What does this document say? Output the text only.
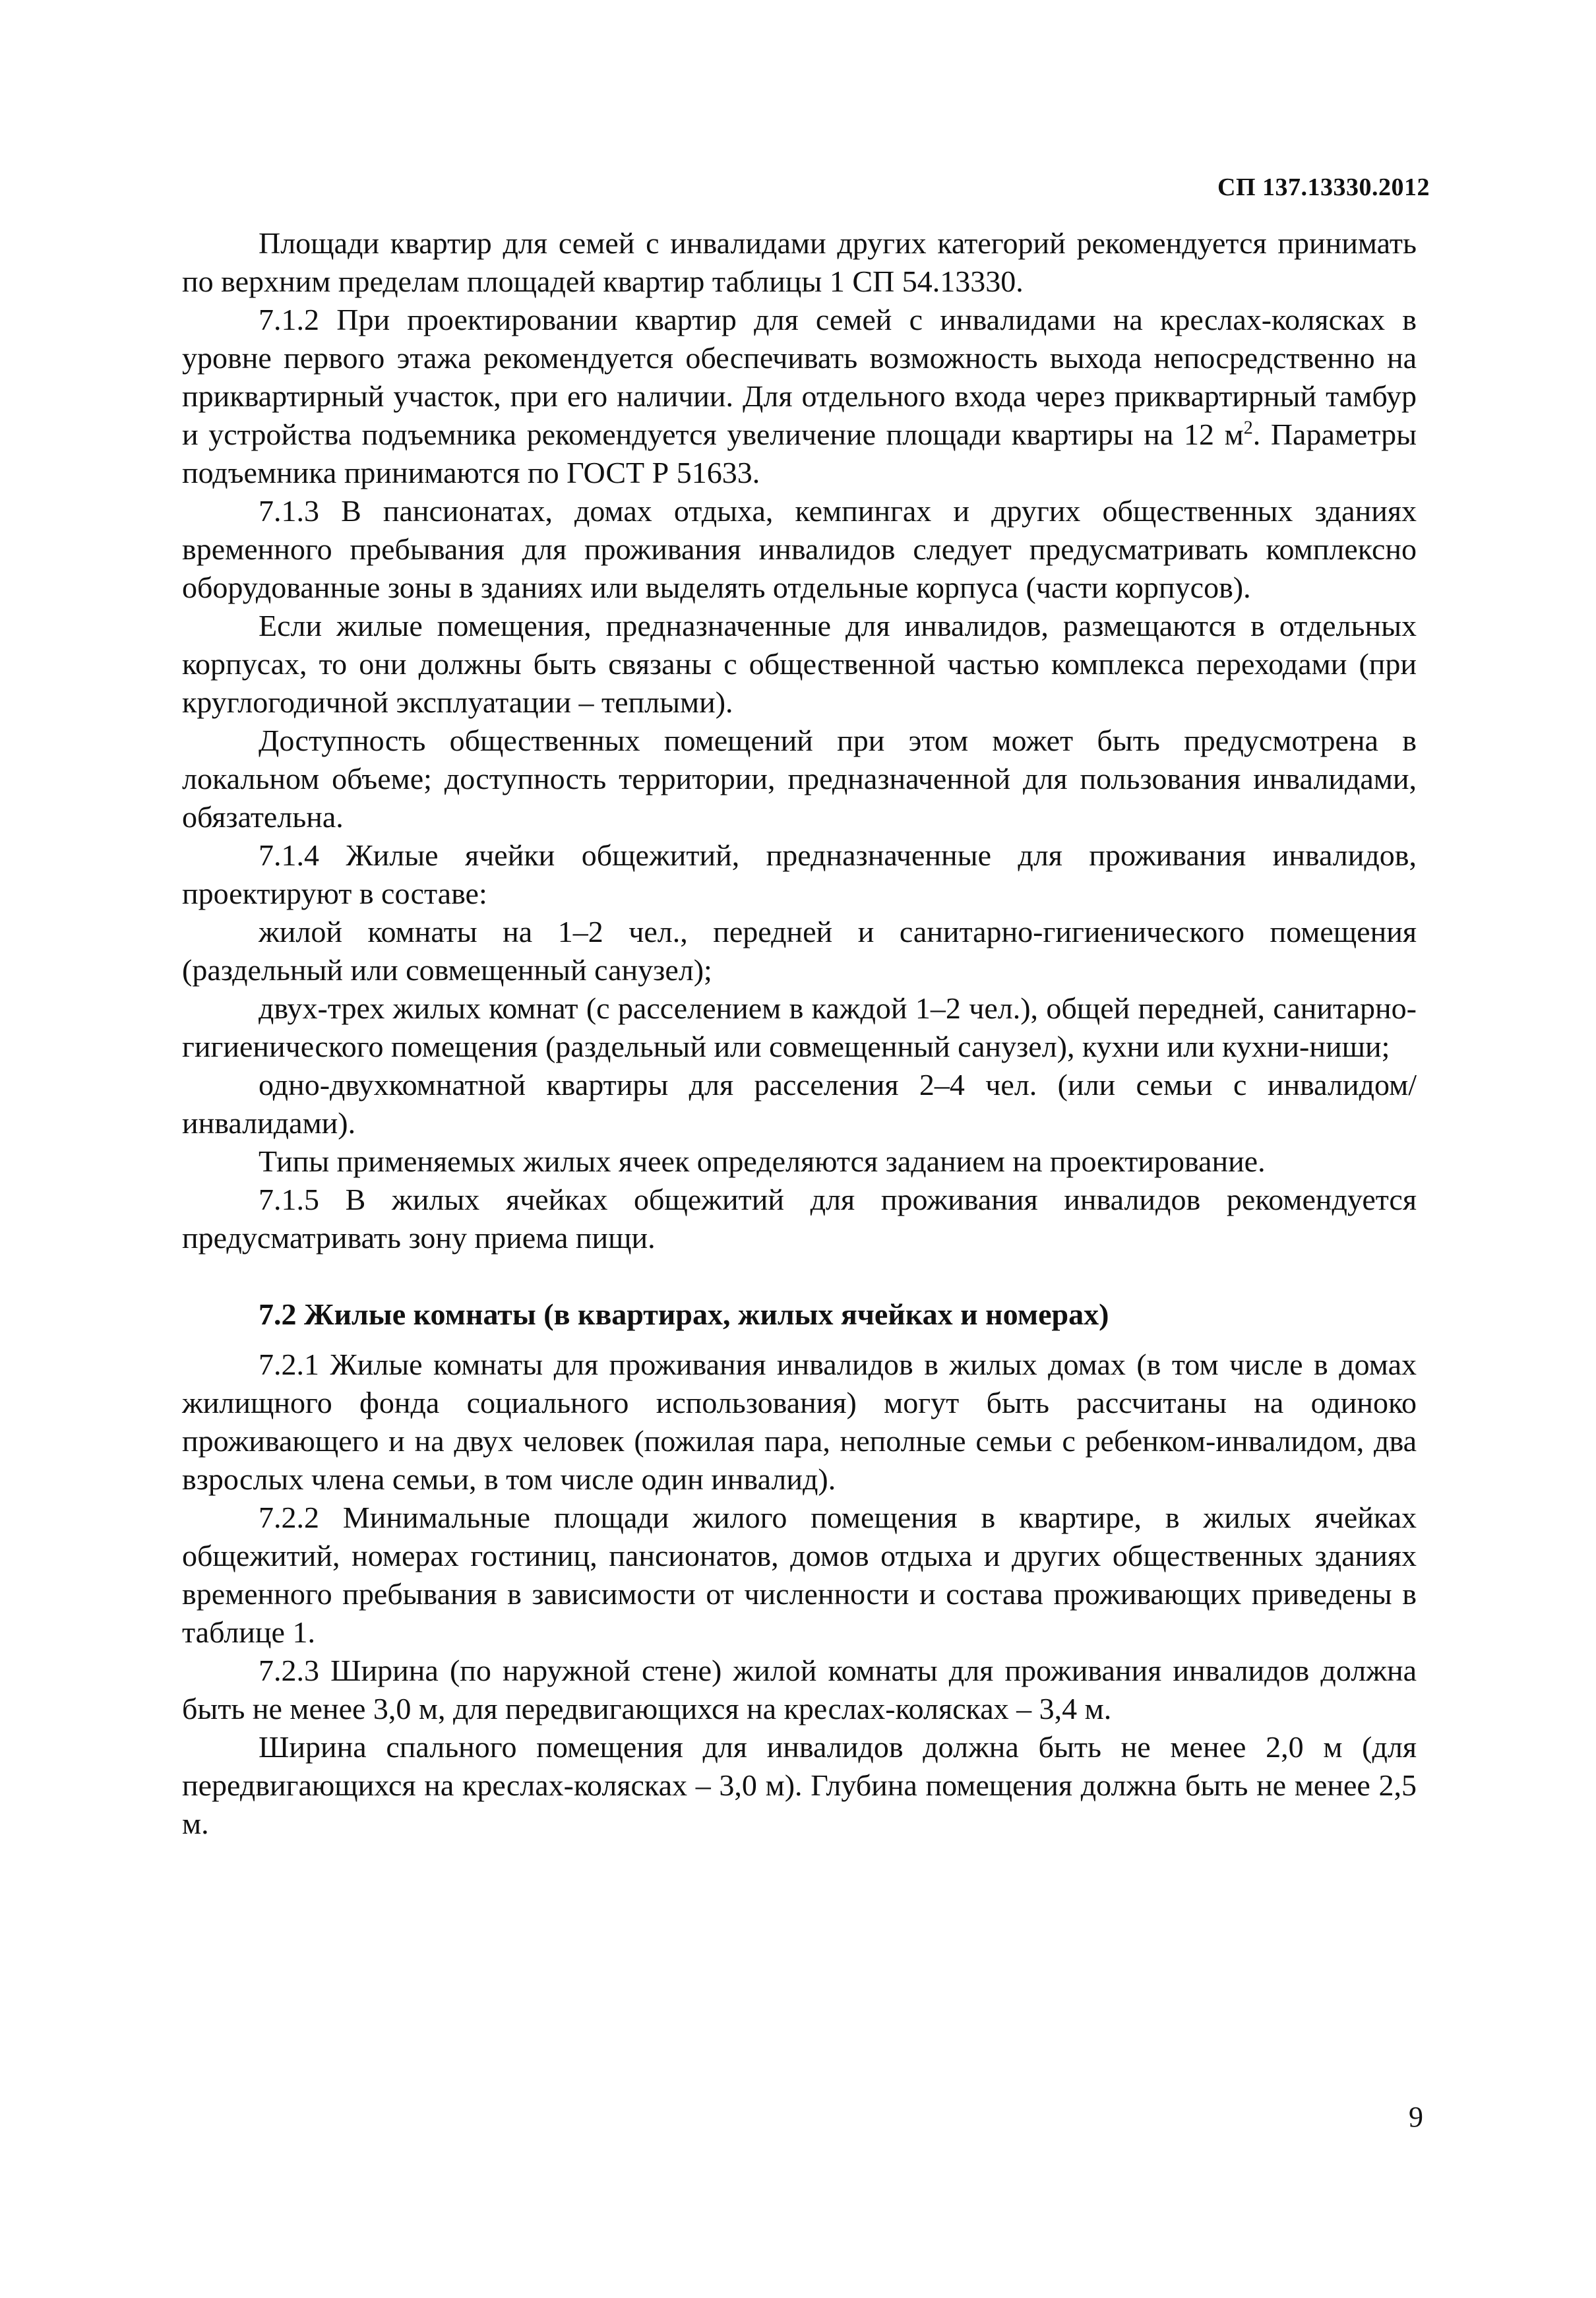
СП 137.13330.2012

Площади квартир для семей с инвалидами других категорий рекомендуется принимать по верхним пределам площадей квартир таблицы 1 СП 54.13330.

7.1.2 При проектировании квартир для семей с инвалидами на креслах-колясках в уровне первого этажа рекомендуется обеспечивать возможность выхода непосредственно на приквартирный участок, при его наличии. Для отдельного входа через приквартирный тамбур и устройства подъемника рекомендуется увеличение площади квартиры на 12 $м^2$. Параметры подъемника принимаются по ГОСТ Р 51633.

7.1.3 В пансионатах, домах отдыха, кемпингах и других общественных зданиях временного пребывания для проживания инвалидов следует предусматривать комплексно оборудованные зоны в зданиях или выделять отдельные корпуса (части корпусов).

Если жилые помещения, предназначенные для инвалидов, размещаются в отдельных корпусах, то они должны быть связаны с общественной частью комплекса переходами (при круглогодичной эксплуатации – теплыми).

Доступность общественных помещений при этом может быть предусмотрена в локальном объеме; доступность территории, предназначенной для пользования инвалидами, обязательна.

7.1.4 Жилые ячейки общежитий, предназначенные для проживания инвалидов, проектируют в составе:

жилой комнаты на 1–2 чел., передней и санитарно-гигиенического помещения (раздельный или совмещенный санузел);

двух-трех жилых комнат (с расселением в каждой 1–2 чел.), общей передней, санитарно-гигиенического помещения (раздельный или совмещенный санузел), кухни или кухни-ниши;

одно-двухкомнатной квартиры для расселения 2–4 чел. (или семьи с инвалидом/инвалидами).

Типы применяемых жилых ячеек определяются заданием на проектирование.

7.1.5 В жилых ячейках общежитий для проживания инвалидов рекомендуется предусматривать зону приема пищи.

7.2 Жилые комнаты (в квартирах, жилых ячейках и номерах)

7.2.1 Жилые комнаты для проживания инвалидов в жилых домах (в том числе в домах жилищного фонда социального использования) могут быть рассчитаны на одиноко проживающего и на двух человек (пожилая пара, неполные семьи с ребенком-инвалидом, два взрослых члена семьи, в том числе один инвалид).

7.2.2 Минимальные площади жилого помещения в квартире, в жилых ячейках общежитий, номерах гостиниц, пансионатов, домов отдыха и других общественных зданиях временного пребывания в зависимости от численности и состава проживающих приведены в таблице 1.

7.2.3 Ширина (по наружной стене) жилой комнаты для проживания инвалидов должна быть не менее 3,0 м, для передвигающихся на креслах-колясках – 3,4 м.

Ширина спального помещения для инвалидов должна быть не менее 2,0 м (для передвигающихся на креслах-колясках – 3,0 м). Глубина помещения должна быть не менее 2,5 м.

9
